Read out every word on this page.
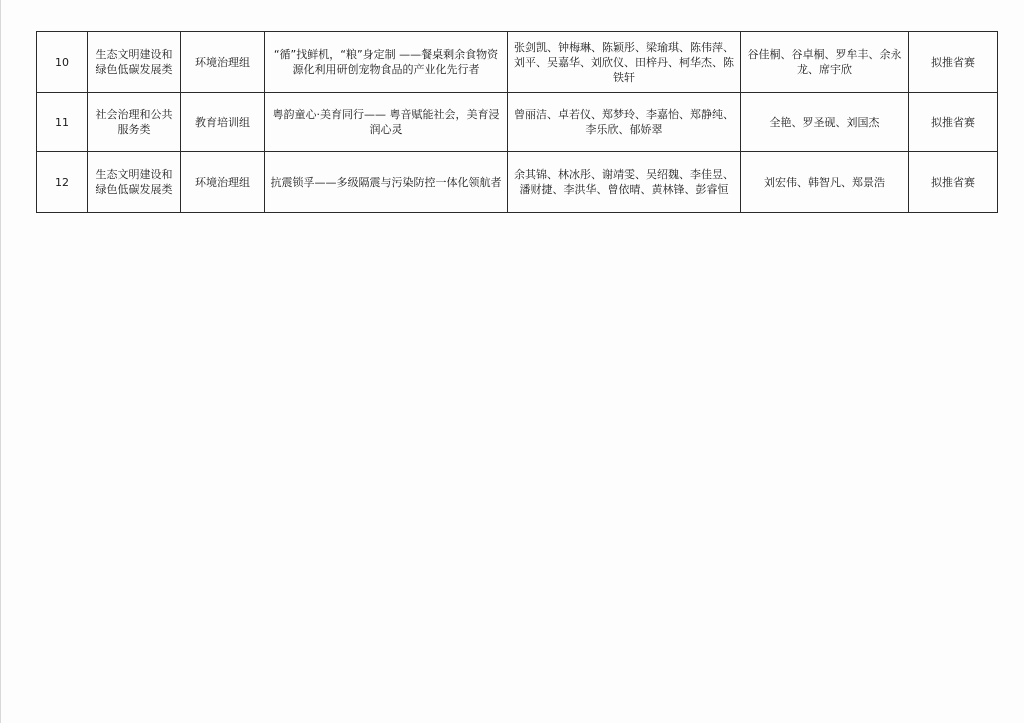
10	生态文明建设和绿色低碳发展类	环境治理组	“循”找鲜机，“粮”身定制 ——餐桌剩余食物资源化利用研创宠物食品的产业化先行者	张剑凯、钟梅琳、陈颖彤、梁瑜琪、陈伟萍、刘平、吴嘉华、刘欣仪、田梓丹、柯华杰、陈铁轩	谷佳桐、谷卓桐、罗牟丰、余永龙、席宇欣	拟推省赛
11	社会治理和公共服务类	教育培训组	粤韵童心·美育同行—— 粤音赋能社会，美育浸润心灵	曾丽洁、卓若仪、郑梦玲、李嘉怡、郑静纯、李乐欣、郁娇翠	全艳、罗圣砚、刘国杰	拟推省赛
12	生态文明建设和绿色低碳发展类	环境治理组	抗震锁孚——多级隔震与污染防控一体化领航者	余其锦、林冰彤、谢靖雯、吴绍魏、李佳昱、潘财捷、李洪华、曾依晴、黄林锋、彭睿恒	刘宏伟、韩智凡、郑景浩	拟推省赛
